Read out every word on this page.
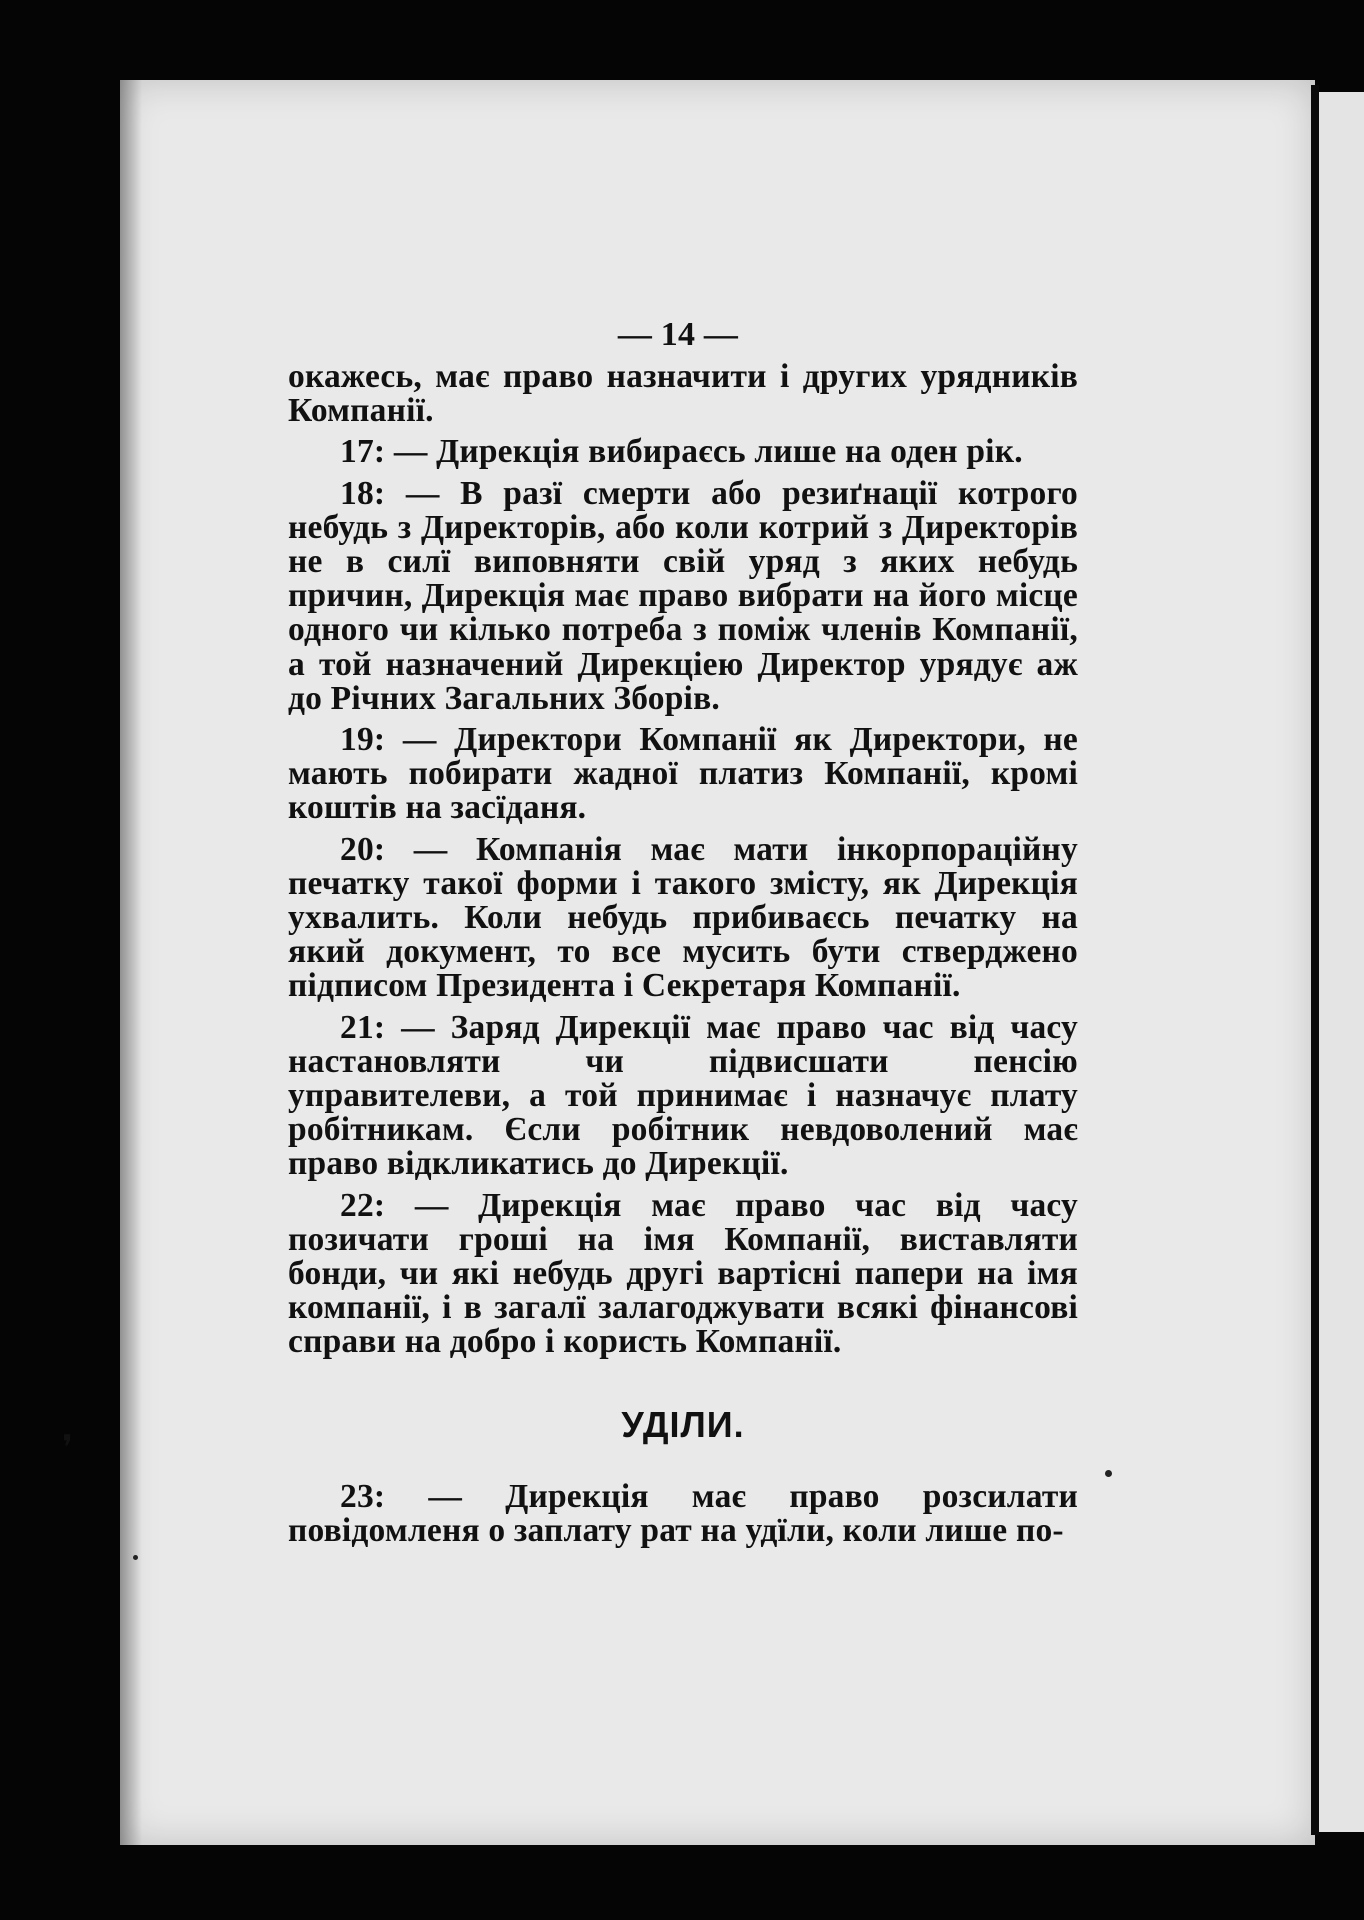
❜
— 14 —

окажесь, має право назначити і других урядників Компанії.

17: — Дирекція вибираєсь лише на оден рік.

18: — В разї смерти або резиґнації котрого небудь з Директорів, або коли котрий з Директорів не в силї виповняти свій уряд з яких небудь причин, Дирекція має право вибрати на його місце одного чи кілько потреба з поміж членів Компанії, а той назначений Дирекціею Директор урядує аж до Річних Загальних Зборів.

19: — Директори Компанії як Директори, не мають побирати жадної платиз Компанії, кромі коштів на засїданя.

20: — Компанія має мати інкорпораційну печатку такої форми і такого змісту, як Дирекція ухвалить. Коли небудь прибиваєсь печатку на який документ, то все мусить бути стверджено підписом Президента і Секретаря Компанії.

21: — Заряд Дирекції має право час від часу настановляти чи підвисшати пенсію управителеви, а той принимає і назначує плату робітникам. Єсли робітник невдоволений має право відкликатись до Дирекції.

22: — Дирекція має право час від часу позичати гроші на імя Компанії, виставляти бонди, чи які небудь другі вартісні папери на імя компанії, і в загалї залагоджувати всякі фінансові справи на добро і користь Компанії.

УДІЛИ.

23: — Дирекція має право розсилати повідомленя о заплату рат на удїли, коли лише по-
